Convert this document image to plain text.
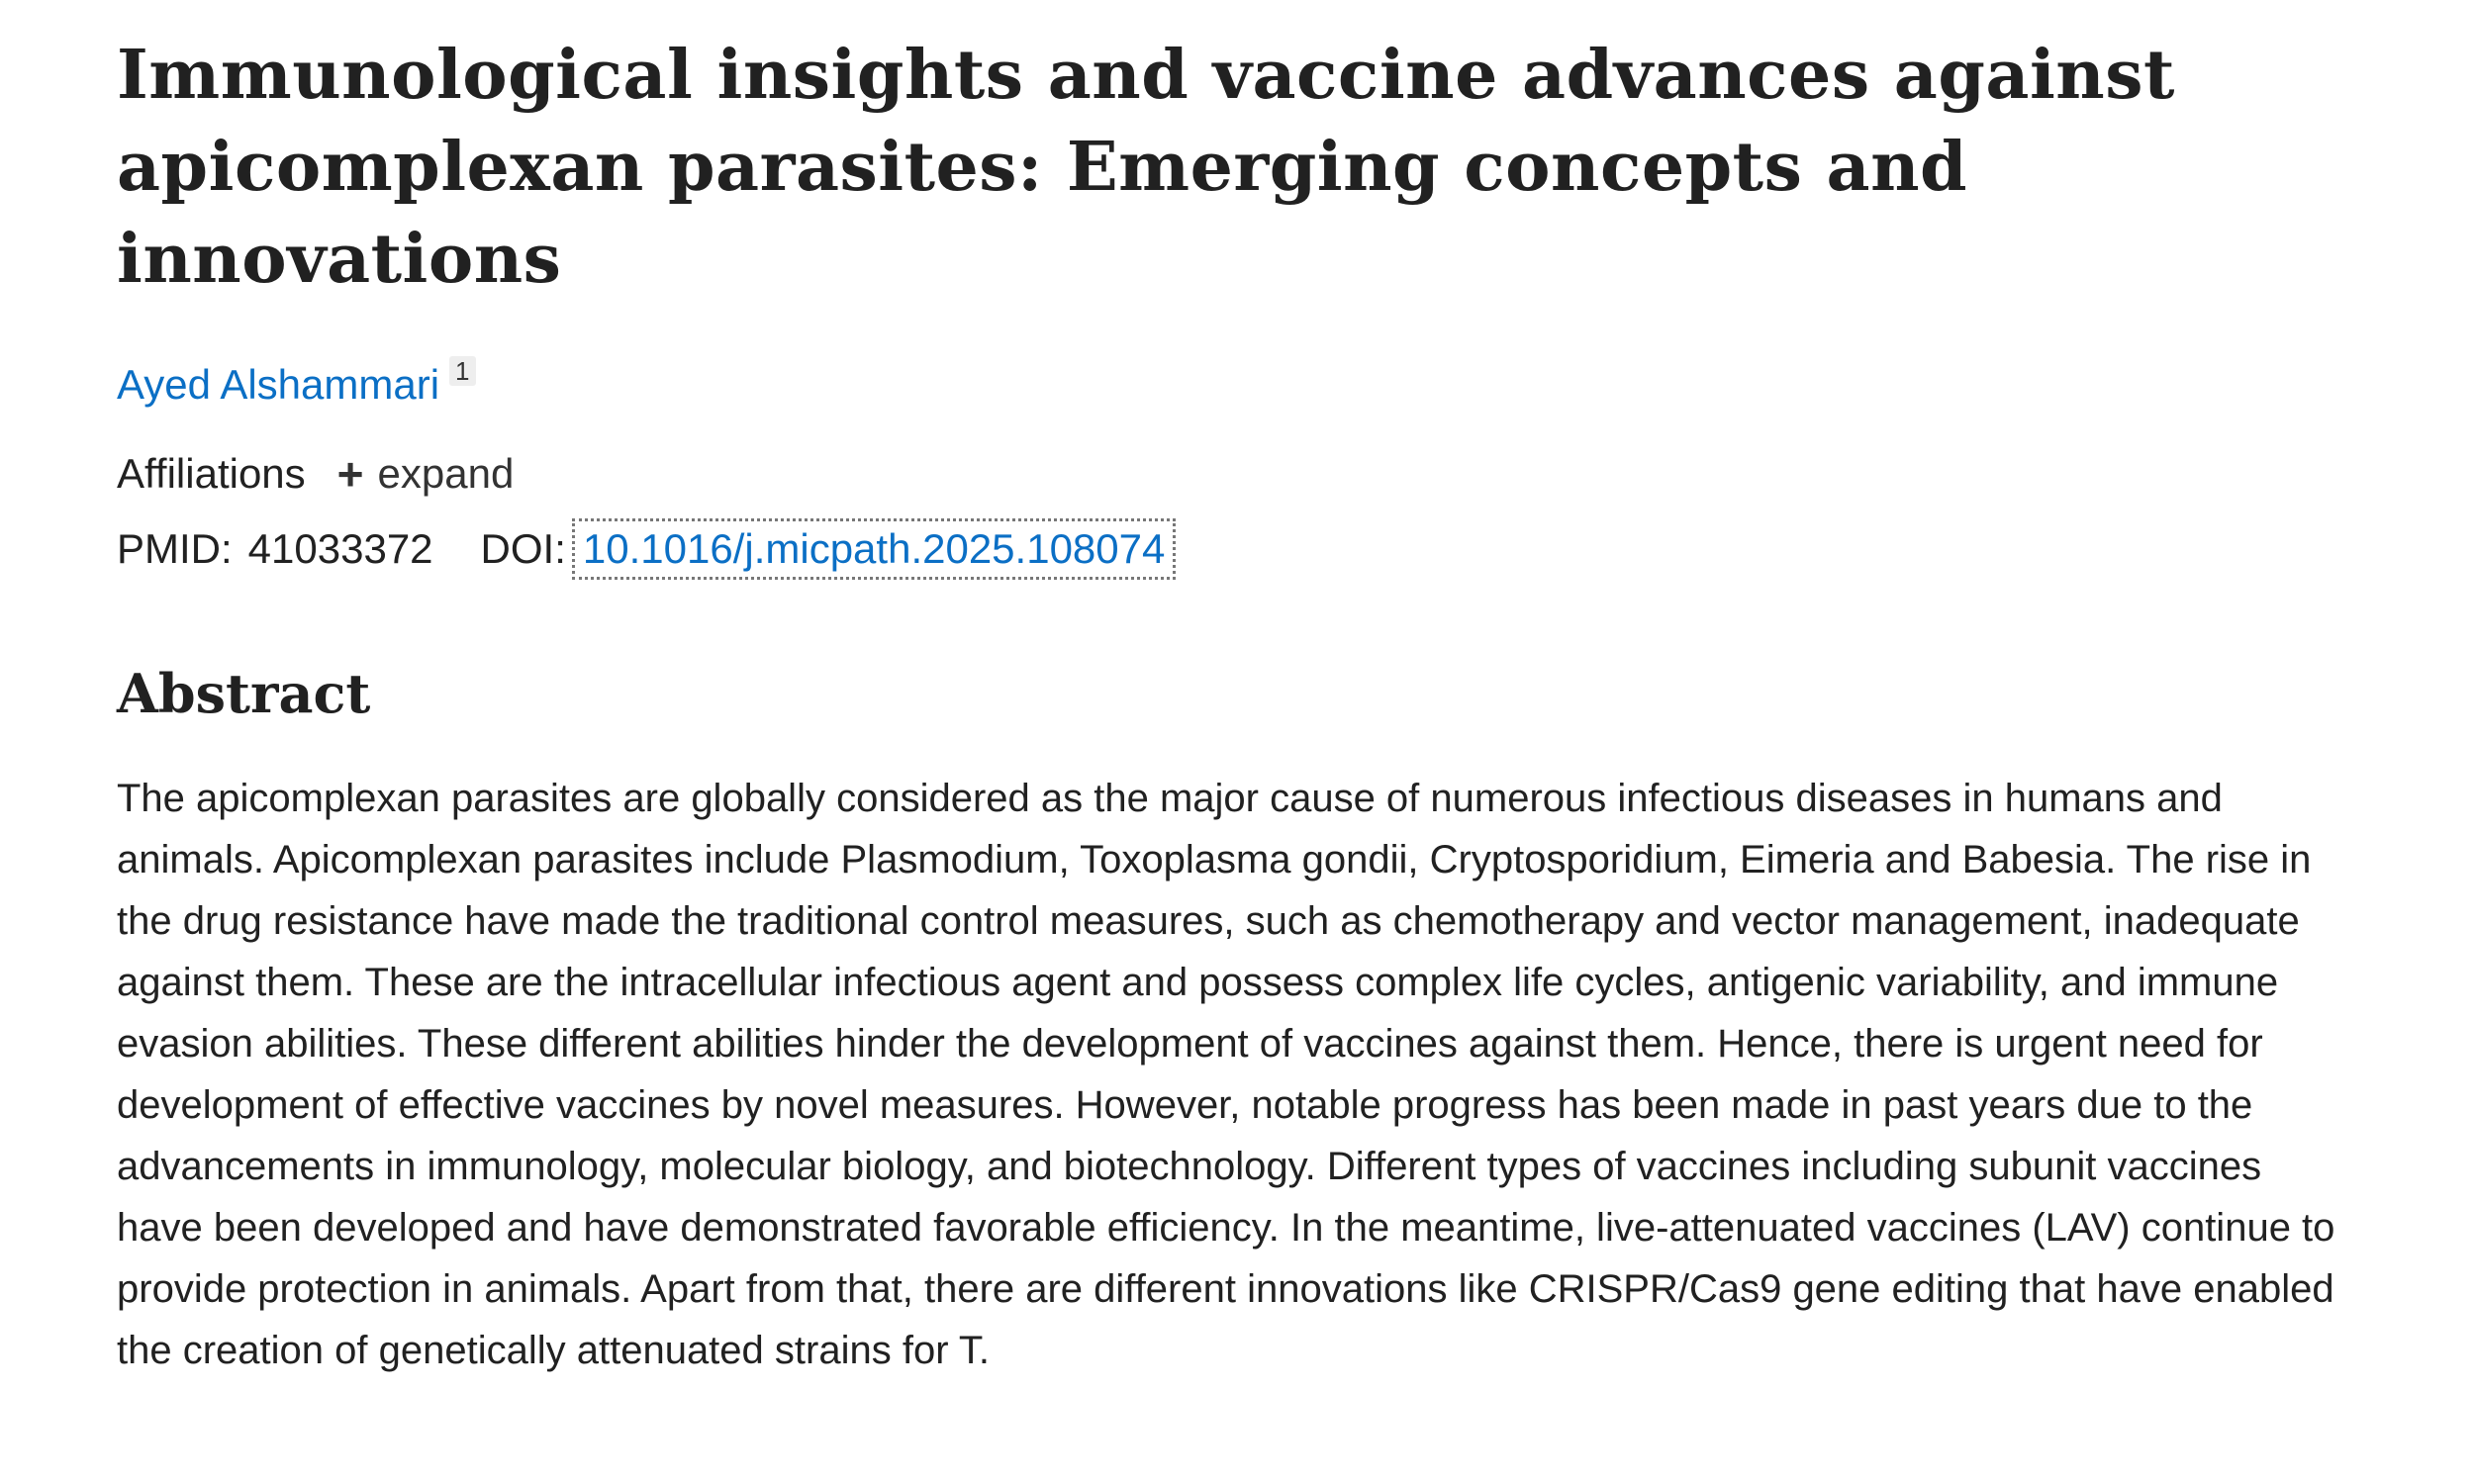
Immunological insights and vaccine advances against apicomplexan parasites: Emerging concepts and innovations
Ayed Alshammari $^1$
Affiliations + expand
PMID: 41033372 DOI: 10.1016/j.micpath.2025.108074
Abstract
The apicomplexan parasites are globally considered as the major cause of numerous infectious diseases in humans and animals. Apicomplexan parasites include Plasmodium, Toxoplasma gondii, Cryptosporidium, Eimeria and Babesia. The rise in the drug resistance have made the traditional control measures, such as chemotherapy and vector management, inadequate against them. These are the intracellular infectious agent and possess complex life cycles, antigenic variability, and immune evasion abilities. These different abilities hinder the development of vaccines against them. Hence, there is urgent need for development of effective vaccines by novel measures. However, notable progress has been made in past years due to the advancements in immunology, molecular biology, and biotechnology. Different types of vaccines including subunit vaccines have been developed and have demonstrated favorable efficiency. In the meantime, live-attenuated vaccines (LAV) continue to provide protection in animals. Apart from that, there are different innovations like CRISPR/Cas9 gene editing that have enabled the creation of genetically attenuated strains for T.
